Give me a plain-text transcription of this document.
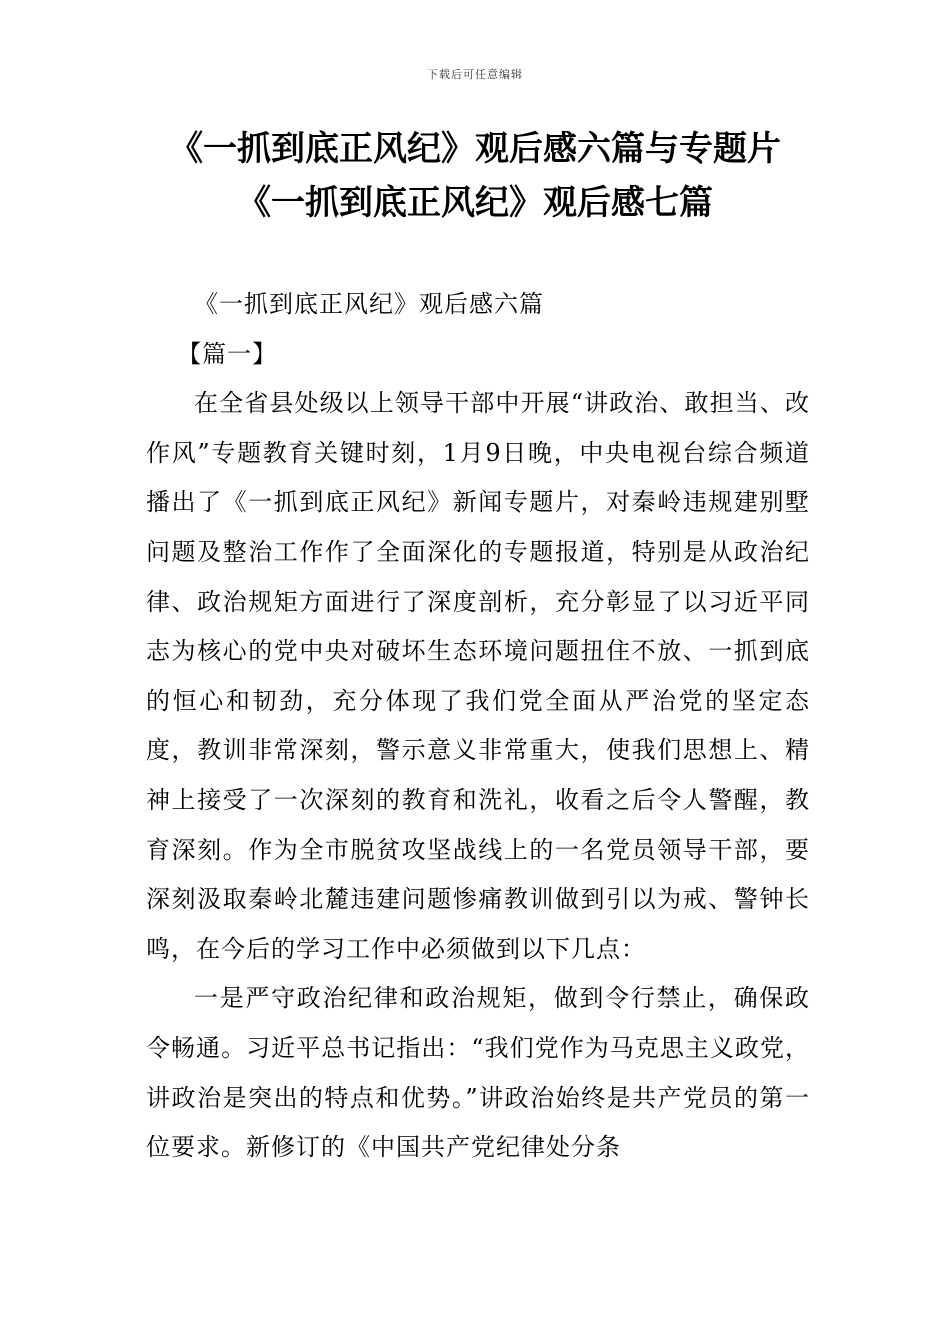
下载后可任意编辑
《一抓到底正风纪》观后感六篇与专题片
《一抓到底正风纪》观后感七篇

《一抓到底正风纪》观后感六篇

【篇一】

在全省县处级以上领导干部中开展“讲政治、敢担当、改作风”专题教育关键时刻，1月9日晚，中央电视台综合频道播出了《一抓到底正风纪》新闻专题片，对秦岭违规建别墅问题及整治工作作了全面深化的专题报道，特别是从政治纪律、政治规矩方面进行了深度剖析，充分彰显了以习近平同志为核心的党中央对破坏生态环境问题扭住不放、一抓到底的恒心和韧劲，充分体现了我们党全面从严治党的坚定态度，教训非常深刻，警示意义非常重大，使我们思想上、精神上接受了一次深刻的教育和洗礼，收看之后令人警醒，教育深刻。作为全市脱贫攻坚战线上的一名党员领导干部，要深刻汲取秦岭北麓违建问题惨痛教训做到引以为戒、警钟长鸣，在今后的学习工作中必须做到以下几点：

一是严守政治纪律和政治规矩，做到令行禁止，确保政令畅通。习近平总书记指出：“我们党作为马克思主义政党，讲政治是突出的特点和优势。”讲政治始终是共产党员的第一位要求。新修订的《中国共产党纪律处分条
